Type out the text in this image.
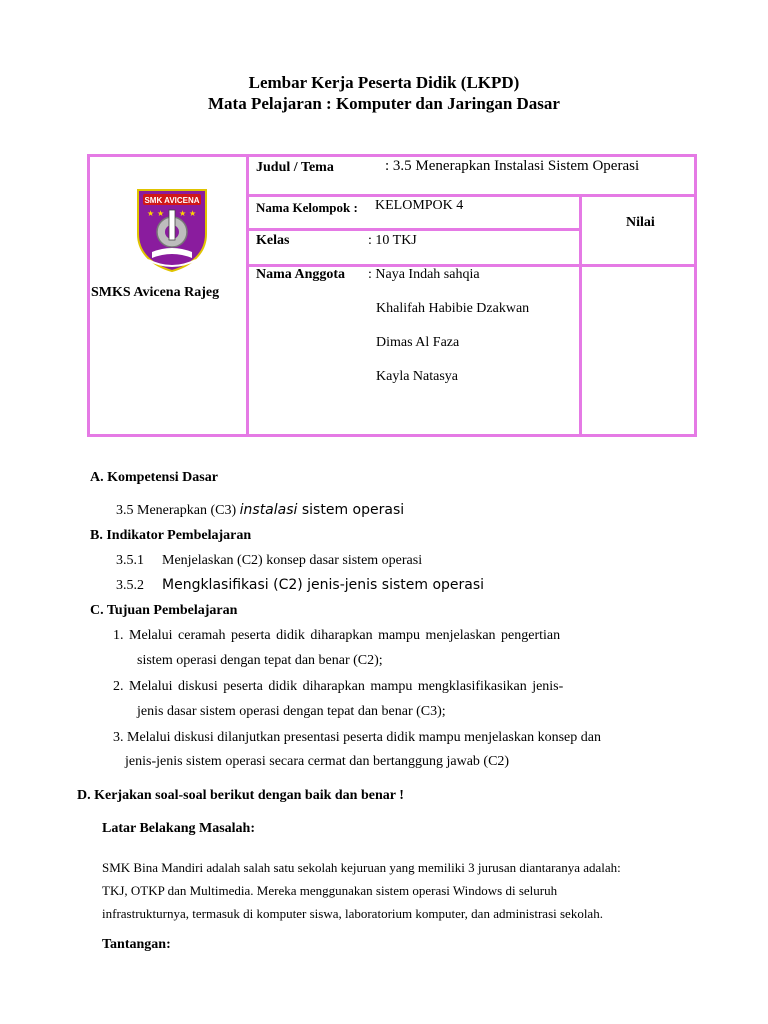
Lembar Kerja Peserta Didik (LKPD)
Mata Pelajaran : Komputer dan Jaringan Dasar
SMK AVICENA
★ ★ ★ ★
SMKS Avicena Rajeg
Judul / Tema	: 3.5 Menerapkan Instalasi Sistem Operasi
Nama Kelompok : KELOMPOK 4
Nilai
Kelas	: 10 TKJ
Nama Anggota : Naya Indah sahqia
Khalifah Habibie Dzakwan
Dimas Al Faza
Kayla Natasya
A. Kompetensi Dasar
3.5 Menerapkan (C3) instalasi sistem operasi
B. Indikator Pembelajaran
3.5.1 Menjelaskan (C2) konsep dasar sistem operasi
3.5.2 Mengklasifikasi (C2) jenis-jenis sistem operasi
C. Tujuan Pembelajaran
1. Melalui ceramah peserta didik diharapkan mampu menjelaskan pengertian
sistem operasi dengan tepat dan benar (C2);
2. Melalui diskusi peserta didik diharapkan mampu mengklasifikasikan jenis-
jenis dasar sistem operasi dengan tepat dan benar (C3);
3. Melalui diskusi dilanjutkan presentasi peserta didik mampu menjelaskan konsep dan
jenis-jenis sistem operasi secara cermat dan bertanggung jawab (C2)
D. Kerjakan soal-soal berikut dengan baik dan benar !
Latar Belakang Masalah:
SMK Bina Mandiri adalah salah satu sekolah kejuruan yang memiliki 3 jurusan diantaranya adalah:
TKJ, OTKP dan Multimedia. Mereka menggunakan sistem operasi Windows di seluruh
infrastrukturnya, termasuk di komputer siswa, laboratorium komputer, dan administrasi sekolah.
Tantangan:
